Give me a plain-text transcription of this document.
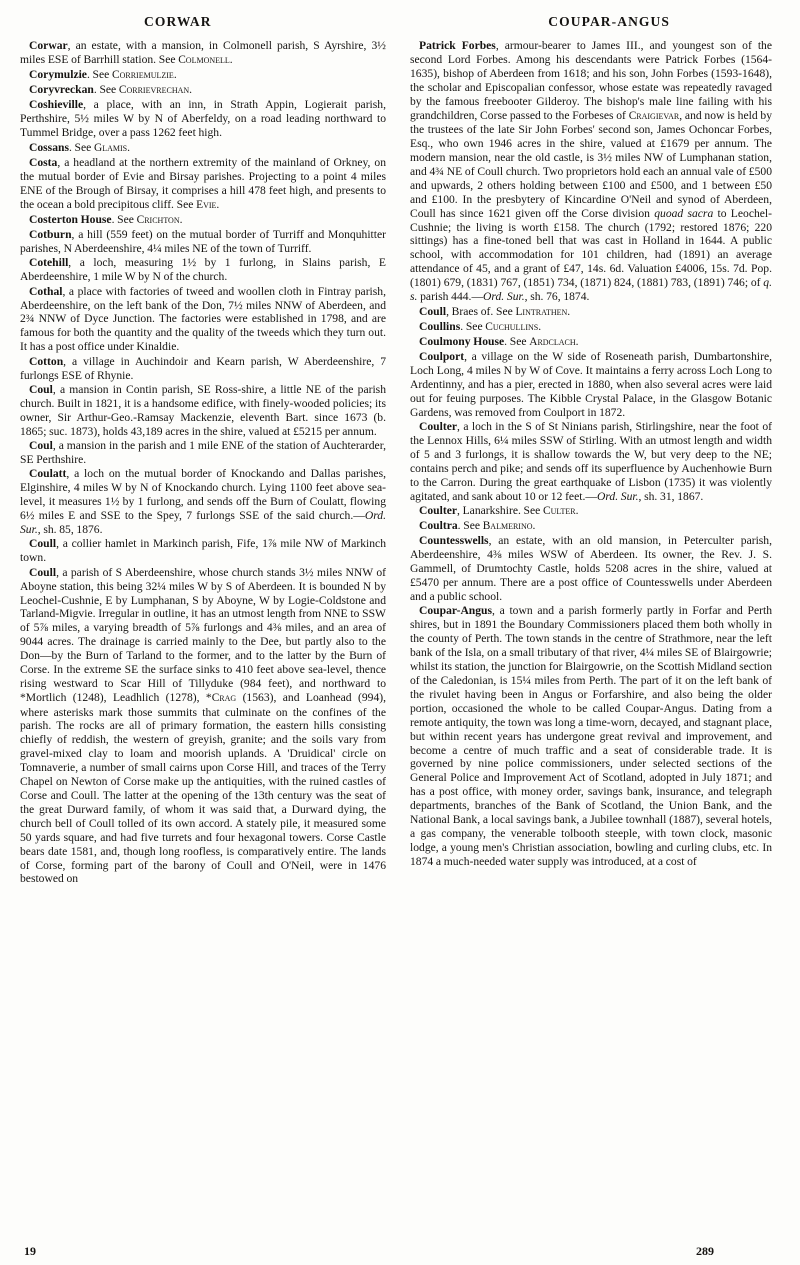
CORWAR	COUPAR-ANGUS

Corwar, an estate, with a mansion, in Colmonell parish, S Ayrshire, 3½ miles ESE of Barrhill station. See Colmonell.

Corymulzie. See Corriemulzie.

Coryvreckan. See Corrievrechan.

Coshieville, a place, with an inn, in Strath Appin, Logierait parish, Perthshire, 5½ miles W by N of Aberfeldy, on a road leading northward to Tummel Bridge, over a pass 1262 feet high.

Cossans. See Glamis.

Costa, a headland at the northern extremity of the mainland of Orkney, on the mutual border of Evie and Birsay parishes. Projecting to a point 4 miles ENE of the Brough of Birsay, it comprises a hill 478 feet high, and presents to the ocean a bold precipitous cliff. See Evie.

Costerton House. See Crichton.

Cotburn, a hill (559 feet) on the mutual border of Turriff and Monquhitter parishes, N Aberdeenshire, 4¼ miles NE of the town of Turriff.

Cotehill, a loch, measuring 1½ by 1 furlong, in Slains parish, E Aberdeenshire, 1 mile W by N of the church.

Cothal, a place with factories of tweed and woollen cloth in Fintray parish, Aberdeenshire, on the left bank of the Don, 7½ miles NNW of Aberdeen, and 2¾ NNW of Dyce Junction. The factories were established in 1798, and are famous for both the quantity and the quality of the tweeds which they turn out. It has a post office under Kinaldie.

Cotton, a village in Auchindoir and Kearn parish, W Aberdeenshire, 7 furlongs ESE of Rhynie.

Coul, a mansion in Contin parish, SE Ross-shire, a little NE of the parish church. Built in 1821, it is a handsome edifice, with finely-wooded policies; its owner, Sir Arthur-Geo.-Ramsay Mackenzie, eleventh Bart. since 1673 (b. 1865; suc. 1873), holds 43,189 acres in the shire, valued at £5215 per annum.

Coul, a mansion in the parish and 1 mile ENE of the station of Auchterarder, SE Perthshire.

Coulatt, a loch on the mutual border of Knockando and Dallas parishes, Elginshire, 4 miles W by N of Knockando church. Lying 1100 feet above sea-level, it measures 1½ by 1 furlong, and sends off the Burn of Coulatt, flowing 6½ miles E and SSE to the Spey, 7 furlongs SSE of the said church.—Ord. Sur., sh. 85, 1876.

Coull, a collier hamlet in Markinch parish, Fife, 1⅞ mile NW of Markinch town.

Coull, a parish of S Aberdeenshire, whose church stands 3½ miles NNW of Aboyne station, this being 32¼ miles W by S of Aberdeen. It is bounded N by Leochel-Cushnie, E by Lumphanan, S by Aboyne, W by Logie-Coldstone and Tarland-Migvie. Irregular in outline, it has an utmost length from NNE to SSW of 5⅞ miles, a varying breadth of 5⅞ furlongs and 4⅜ miles, and an area of 9044 acres. The drainage is carried mainly to the Dee, but partly also to the Don—by the Burn of Tarland to the former, and to the latter by the Burn of Corse. In the extreme SE the surface sinks to 410 feet above sea-level, thence rising westward to Scar Hill of Tillyduke (984 feet), and northward to *Mortlich (1248), Leadhlich (1278), *Crag (1563), and Loanhead (994), where asterisks mark those summits that culminate on the confines of the parish. The rocks are all of primary formation, the eastern hills consisting chiefly of reddish, the western of greyish, granite; and the soils vary from gravel-mixed clay to loam and moorish uplands. A 'Druidical' circle on Tomnaverie, a number of small cairns upon Corse Hill, and traces of the Terry Chapel on Newton of Corse make up the antiquities, with the ruined castles of Corse and Coull. The latter at the opening of the 13th century was the seat of the great Durward family, of whom it was said that, a Durward dying, the church bell of Coull tolled of its own accord. A stately pile, it measured some 50 yards square, and had five turrets and four hexagonal towers. Corse Castle bears date 1581, and, though long roofless, is comparatively entire. The lands of Corse, forming part of the barony of Coull and O'Neil, were in 1476 bestowed on

Patrick Forbes, armour-bearer to James III., and youngest son of the second Lord Forbes. Among his descendants were Patrick Forbes (1564-1635), bishop of Aberdeen from 1618; and his son, John Forbes (1593-1648), the scholar and Episcopalian confessor, whose estate was repeatedly ravaged by the famous freebooter Gilderoy. The bishop's male line failing with his grandchildren, Corse passed to the Forbeses of Craigievar, and now is held by the trustees of the late Sir John Forbes' second son, James Ochoncar Forbes, Esq., who own 1946 acres in the shire, valued at £1679 per annum. The modern mansion, near the old castle, is 3½ miles NW of Lumphanan station, and 4¾ NE of Coull church. Two proprietors hold each an annual vale of £500 and upwards, 2 others holding between £100 and £500, and 1 between £50 and £100. In the presbytery of Kincardine O'Neil and synod of Aberdeen, Coull has since 1621 given off the Corse division quoad sacra to Leochel-Cushnie; the living is worth £158. The church (1792; restored 1876; 220 sittings) has a fine-toned bell that was cast in Holland in 1644. A public school, with accommodation for 101 children, had (1891) an average attendance of 45, and a grant of £47, 14s. 6d. Valuation £4006, 15s. 7d. Pop. (1801) 679, (1831) 767, (1851) 734, (1871) 824, (1881) 783, (1891) 746; of q. s. parish 444.—Ord. Sur., sh. 76, 1874.

Coull, Braes of. See Lintrathen.

Coullins. See Cuchullins.

Coulmony House. See Ardclach.

Coulport, a village on the W side of Roseneath parish, Dumbartonshire, Loch Long, 4 miles N by W of Cove. It maintains a ferry across Loch Long to Ardentinny, and has a pier, erected in 1880, when also several acres were laid out for feuing purposes. The Kibble Crystal Palace, in the Glasgow Botanic Gardens, was removed from Coulport in 1872.

Coulter, a loch in the S of St Ninians parish, Stirlingshire, near the foot of the Lennox Hills, 6¼ miles SSW of Stirling. With an utmost length and width of 5 and 3 furlongs, it is shallow towards the W, but very deep to the NE; contains perch and pike; and sends off its superfluence by Auchenhowie Burn to the Carron. During the great earthquake of Lisbon (1735) it was violently agitated, and sank about 10 or 12 feet.—Ord. Sur., sh. 31, 1867.

Coulter, Lanarkshire. See Culter.

Coultra. See Balmerino.

Countesswells, an estate, with an old mansion, in Peterculter parish, Aberdeenshire, 4⅜ miles WSW of Aberdeen. Its owner, the Rev. J. S. Gammell, of Drumtochty Castle, holds 5208 acres in the shire, valued at £5470 per annum. There are a post office of Countesswells under Aberdeen and a public school.

Coupar-Angus, a town and a parish formerly partly in Forfar and Perth shires, but in 1891 the Boundary Commissioners placed them both wholly in the county of Perth. The town stands in the centre of Strathmore, near the left bank of the Isla, on a small tributary of that river, 4¼ miles SE of Blairgowrie; whilst its station, the junction for Blairgowrie, on the Scottish Midland section of the Caledonian, is 15¼ miles from Perth. The part of it on the left bank of the rivulet having been in Angus or Forfarshire, and also being the older portion, occasioned the whole to be called Coupar-Angus. Dating from a remote antiquity, the town was long a time-worn, decayed, and stagnant place, but within recent years has undergone great revival and improvement, and become a centre of much traffic and a seat of considerable trade. It is governed by nine police commissioners, under selected sections of the General Police and Improvement Act of Scotland, adopted in July 1871; and has a post office, with money order, savings bank, insurance, and telegraph departments, branches of the Bank of Scotland, the Union Bank, and the National Bank, a local savings bank, a Jubilee townhall (1887), several hotels, a gas company, the venerable tolbooth steeple, with town clock, masonic lodge, a young men's Christian association, bowling and curling clubs, etc. In 1874 a much-needed water supply was introduced, at a cost of

19	289
